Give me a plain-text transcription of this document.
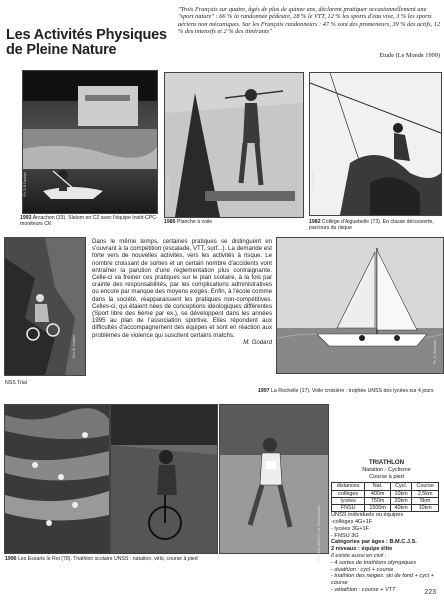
Les Activités Physiques
de Pleine Nature
"Trois Français sur quatre, âgés de plus de quinze ans, déclarent pratiquer occasionnellement une "sport nature" : 66 % la randonnée pédestre, 28 % le VTT, 12 % les sports d'eau vive, 3 % les sports aériens non mécaniques. Sur les Français randonneurs : 47 % sont des promeneurs, 39 % des actifs, 12 % des intensifs et 2 % des itinérants"
Etude (Le Monde 1999)
Ph. D.R Dauriac
1993 Arcachon (33). Slalom en C2 avec l'équipe Instit-CPC-moniteurs CK
EPS / Alain Charriol
1985 Planche à voile
Ph. G. Ausbon
1982 Collège d'Aiguebelle (73). En classe découverte, parcours du risque
Dos. B. Ausbon
NSS Trial
Dans le même temps, certaines pratiques se distinguent en s'ouvrant à la compétition (escalade, VTT, surf...). La demande est forte vers de nouvelles activités, vers les activités à risque. Le nombre croissant de sorties et un certain nombre d'accidents vont entraîner la parution d'une réglementation plus contraignante. Celle-ci va freiner ces pratiques sur le plan scolaire, à la fois par crainte des responsabilités, par les complications administratives ou encore par manque des moyens exigés. Enfin, à l'école comme dans la société, réapparaissent les pratiques non-compétitives. Celles-ci, qui étaient nées de conceptions idéologiques différentes (Sport libre des 6ème par ex.), se développent dans les années 1995 au plan de l'association sportive. Elles répondent aux difficultés d'accompagnement des équipes et sont en réaction aux problèmes de violence qui suscitent certains matchs.
M. Godard	Ph. D. Annibalis
1997 La Rochelle (17). Voile croisière : trophée UNSS des lycées sur 4 jours
Doc Fédé UNSS Ph. M. Boissonnarde
1996 Les Essarts le Roi (78). Triathlon scolaire UNSS : natation, vélo, course à pied
TRIATHLON
Natation - Cyclisme
Course à pied
distances	Nat.	Cycl.	Course
collèges	400m	10km	2,5km
lycées	750m	20km	5km
FNSU	1500m	40km	10km
UNSS individuels ou équipes
-collèges 4G+1F
- lycées 3G+1F
- FNSU 3G
Catégories par âges : B.M.C.J.S.
2 niveaux : équipe élite
Il existe aussi en civil :
- 4 sortes de triathlons olympiques
- duathlon : cycl + course
- triathlon des neiges: ski de fond + cycl + course
- vétathlon : course + VTT	223
